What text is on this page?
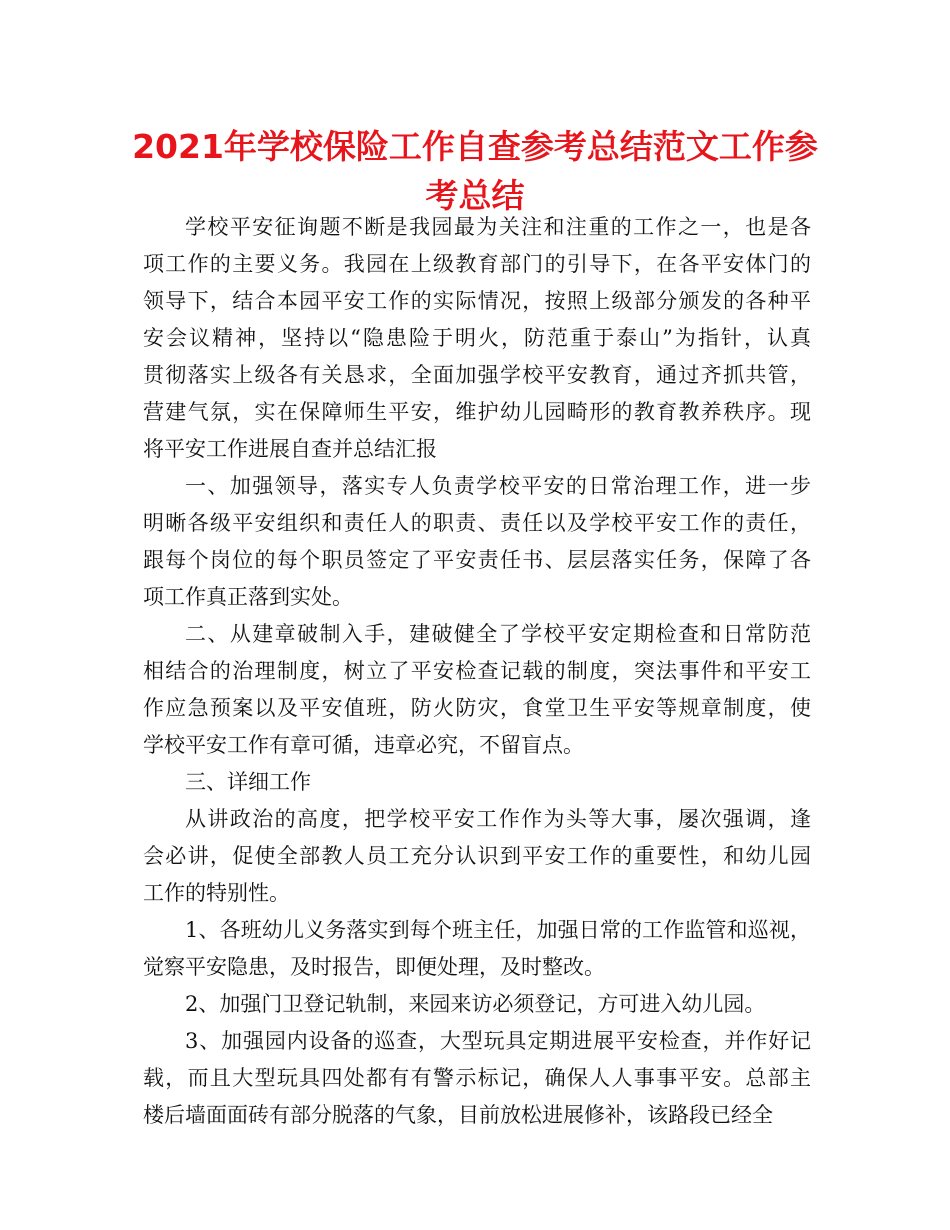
2021年学校保险工作自查参考总结范文工作参
考总结
学校平安征询题不断是我园最为关注和注重的工作之一，也是各
项工作的主要义务。我园在上级教育部门的引导下，在各平安体门的
领导下，结合本园平安工作的实际情况，按照上级部分颁发的各种平
安会议精神，坚持以“隐患险于明火，防范重于泰山”为指针，认真
贯彻落实上级各有关恳求，全面加强学校平安教育，通过齐抓共管，
营建气氛，实在保障师生平安，维护幼儿园畸形的教育教养秩序。现
将平安工作进展自查并总结汇报
一、加强领导，落实专人负责学校平安的日常治理工作，进一步
明晰各级平安组织和责任人的职责、责任以及学校平安工作的责任，
跟每个岗位的每个职员签定了平安责任书、层层落实任务，保障了各
项工作真正落到实处。
二、从建章破制入手，建破健全了学校平安定期检查和日常防范
相结合的治理制度，树立了平安检查记载的制度，突法事件和平安工
作应急预案以及平安值班，防火防灾，食堂卫生平安等规章制度，使
学校平安工作有章可循，违章必究，不留盲点。
三、详细工作
从讲政治的高度，把学校平安工作作为头等大事，屡次强调，逢
会必讲，促使全部教人员工充分认识到平安工作的重要性，和幼儿园
工作的特别性。
1、各班幼儿义务落实到每个班主任，加强日常的工作监管和巡视，
觉察平安隐患，及时报告，即便处理，及时整改。
2、加强门卫登记轨制，来园来访必须登记，方可进入幼儿园。
3、加强园内设备的巡查，大型玩具定期进展平安检查，并作好记
载，而且大型玩具四处都有有警示标记，确保人人事事平安。总部主
楼后墙面面砖有部分脱落的气象，目前放松进展修补，该路段已经全
